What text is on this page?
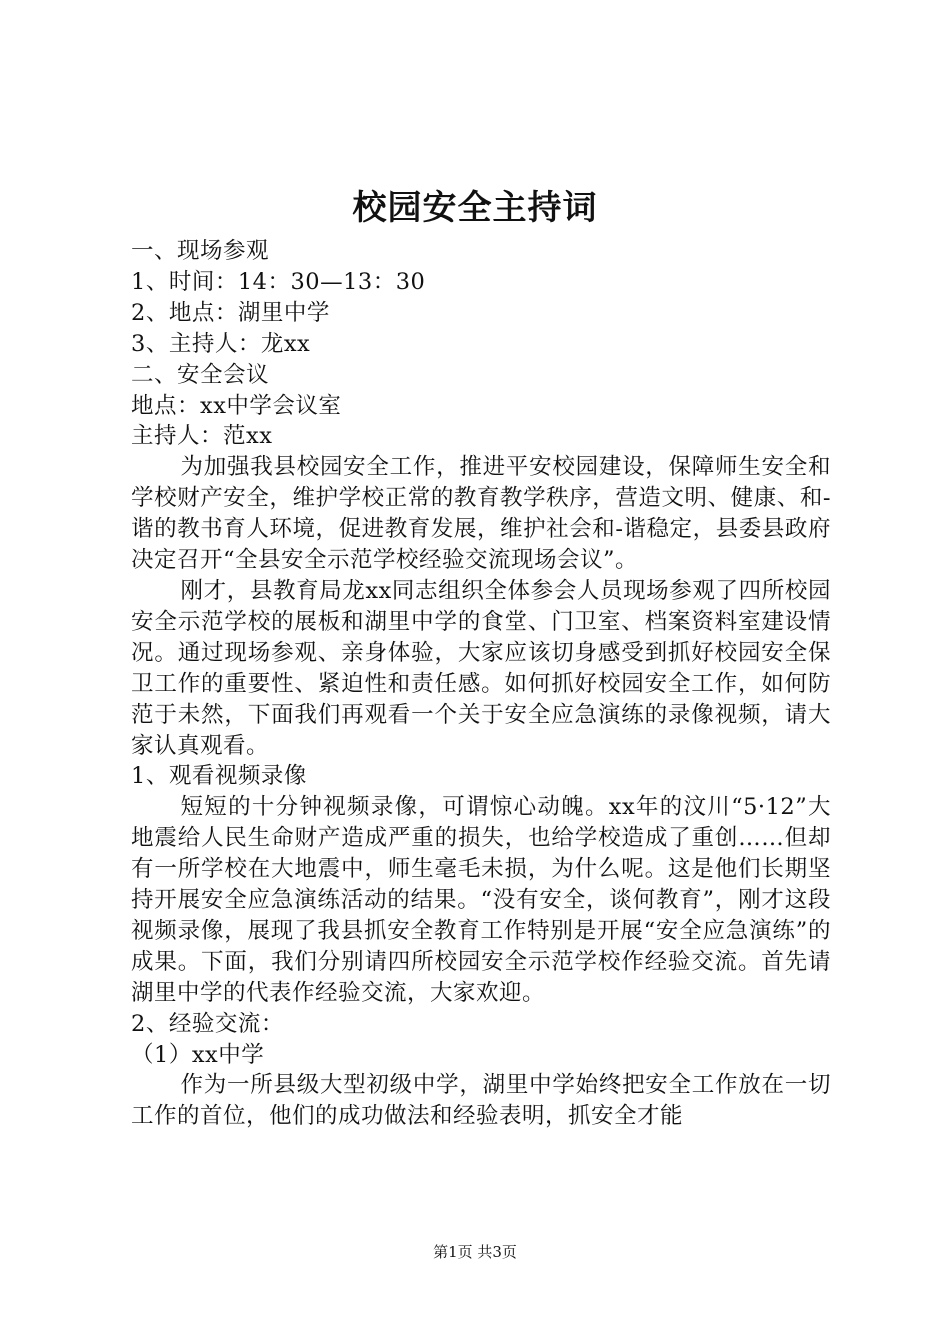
校园安全主持词

一、现场参观

1、时间：14：30—13：30

2、地点：湖里中学

3、主持人：龙xx

二、安全会议

地点：xx中学会议室

主持人：范xx

为加强我县校园安全工作，推进平安校园建设，保障师生安全和学校财产安全，维护学校正常的教育教学秩序，营造文明、健康、和-谐的教书育人环境，促进教育发展，维护社会和-谐稳定，县委县政府决定召开“全县安全示范学校经验交流现场会议”。

刚才，县教育局龙xx同志组织全体参会人员现场参观了四所校园安全示范学校的展板和湖里中学的食堂、门卫室、档案资料室建设情况。通过现场参观、亲身体验，大家应该切身感受到抓好校园安全保卫工作的重要性、紧迫性和责任感。如何抓好校园安全工作，如何防范于未然，下面我们再观看一个关于安全应急演练的录像视频，请大家认真观看。

1、观看视频录像

短短的十分钟视频录像，可谓惊心动魄。xx年的汶川“5·12”大地震给人民生命财产造成严重的损失，也给学校造成了重创……但却有一所学校在大地震中，师生毫毛未损，为什么呢。这是他们长期坚持开展安全应急演练活动的结果。“没有安全，谈何教育”，刚才这段视频录像，展现了我县抓安全教育工作特别是开展“安全应急演练”的成果。下面，我们分别请四所校园安全示范学校作经验交流。首先请湖里中学的代表作经验交流，大家欢迎。

2、经验交流：

（1）xx中学

作为一所县级大型初级中学，湖里中学始终把安全工作放在一切工作的首位，他们的成功做法和经验表明，抓安全才能

第1页 共3页
